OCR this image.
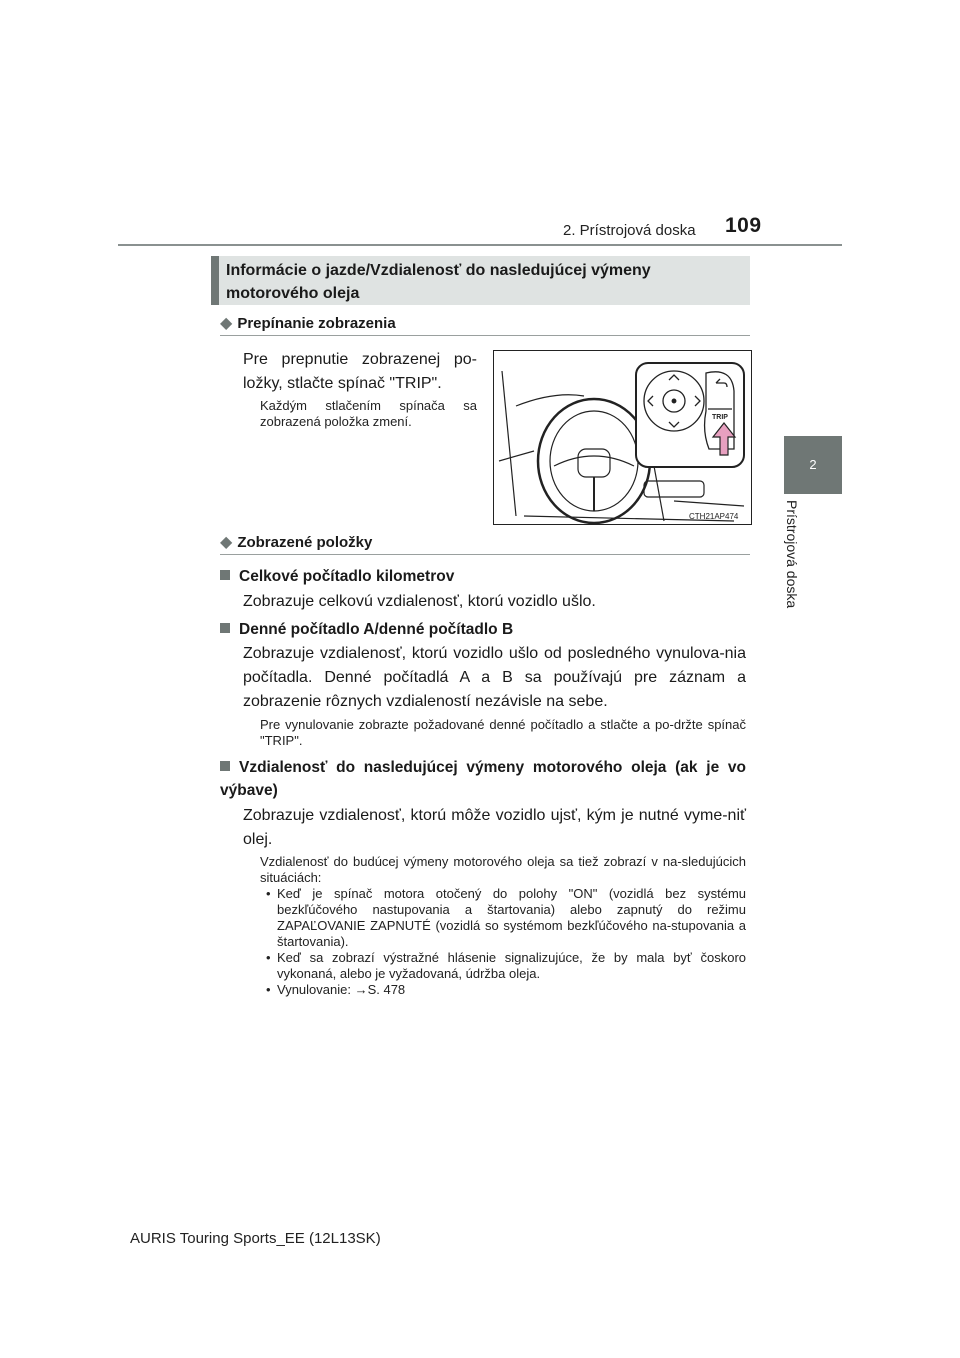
2. Prístrojová doska 109
2
Prístrojová doska
Informácie o jazde/Vzdialenosť do nasledujúcej výmeny motorového oleja
◆ Prepínanie zobrazenia
Pre prepnutie zobrazenej po-ložky, stlačte spínač "TRIP".
Každým stlačením spínača sa zobrazená položka zmení.	TRIP
CTH21AP474
◆ Zobrazené položky
Celkové počítadlo kilometrov
Zobrazuje celkovú vzdialenosť, ktorú vozidlo ušlo.
Denné počítadlo A/denné počítadlo B
Zobrazuje vzdialenosť, ktorú vozidlo ušlo od posledného vynulova-nia počítadla. Denné počítadlá A a B sa používajú pre záznam a zobrazenie rôznych vzdialeností nezávisle na sebe.
Pre vynulovanie zobrazte požadované denné počítadlo a stlačte a po-držte spínač "TRIP".
Vzdialenosť do nasledujúcej výmeny motorového oleja (ak je vo výbave)
Zobrazuje vzdialenosť, ktorú môže vozidlo ujsť, kým je nutné vyme-niť olej.
Vzdialenosť do budúcej výmeny motorového oleja sa tiež zobrazí v na-sledujúcich situáciách:
• Keď je spínač motora otočený do polohy "ON" (vozidlá bez systému bezkľúčového nastupovania a štartovania) alebo zapnutý do režimu ZAPAĽOVANIE ZAPNUTÉ (vozidlá so systémom bezkľúčového na-stupovania a štartovania).
• Keď sa zobrazí výstražné hlásenie signalizujúce, že by mala byť čoskoro vykonaná, alebo je vyžadovaná, údržba oleja.
• Vynulovanie: →S. 478
AURIS Touring Sports_EE (12L13SK)
